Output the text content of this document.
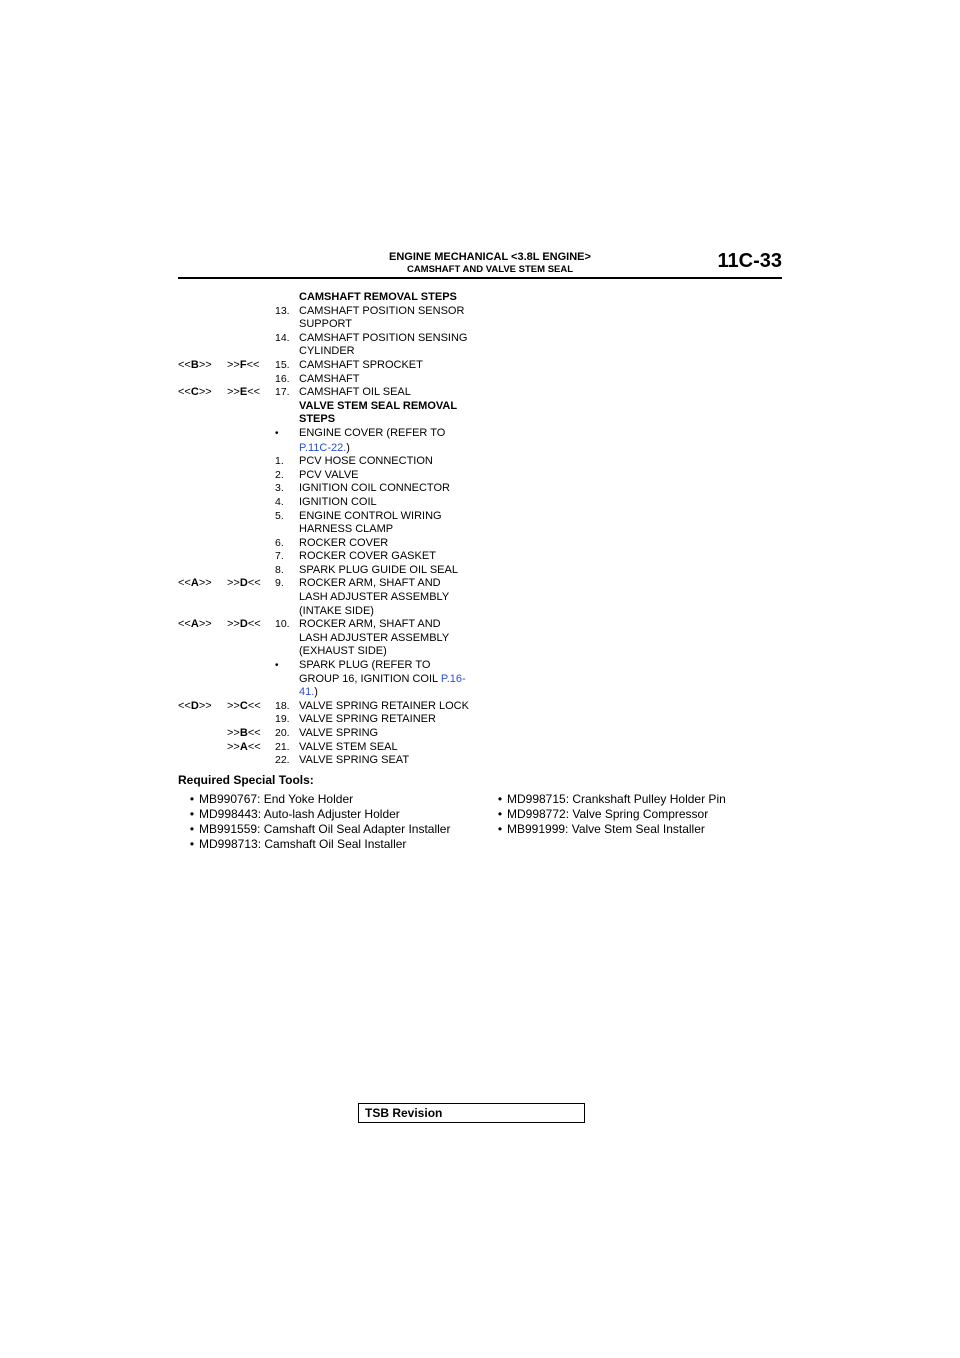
ENGINE MECHANICAL <3.8L ENGINE>
CAMSHAFT AND VALVE STEM SEAL	11C-33
CAMSHAFT REMOVAL STEPS
13. CAMSHAFT POSITION SENSOR
SUPPORT
14. CAMSHAFT POSITION SENSING
CYLINDER
<<B>>	>>F<<	15. CAMSHAFT SPROCKET
16. CAMSHAFT
<<C>>	>>E<<	17. CAMSHAFT OIL SEAL
VALVE STEM SEAL REMOVAL
STEPS
•	ENGINE COVER (REFER TO
P.11C-22.)
1.	PCV HOSE CONNECTION
2.	PCV VALVE
3.	IGNITION COIL CONNECTOR
4.	IGNITION COIL
5.	ENGINE CONTROL WIRING
HARNESS CLAMP
6.	ROCKER COVER
7.	ROCKER COVER GASKET
8.	SPARK PLUG GUIDE OIL SEAL
<<A>>	>>D<<	9.	ROCKER ARM, SHAFT AND
LASH ADJUSTER ASSEMBLY
(INTAKE SIDE)
<<A>>	>>D<<	10. ROCKER ARM, SHAFT AND
LASH ADJUSTER ASSEMBLY
(EXHAUST SIDE)
•	SPARK PLUG (REFER TO
GROUP 16, IGNITION COIL P.16-
41.)
<<D>>	>>C<<	18. VALVE SPRING RETAINER LOCK
19. VALVE SPRING RETAINER
>>B<<	20. VALVE SPRING
>>A<<	21. VALVE STEM SEAL
22. VALVE SPRING SEAT
Required Special Tools:
• MB990767: End Yoke Holder
• MD998443: Auto-lash Adjuster Holder
• MB991559: Camshaft Oil Seal Adapter Installer
• MD998713: Camshaft Oil Seal Installer
• MD998715: Crankshaft Pulley Holder Pin
• MD998772: Valve Spring Compressor
• MB991999: Valve Stem Seal Installer
TSB Revision
